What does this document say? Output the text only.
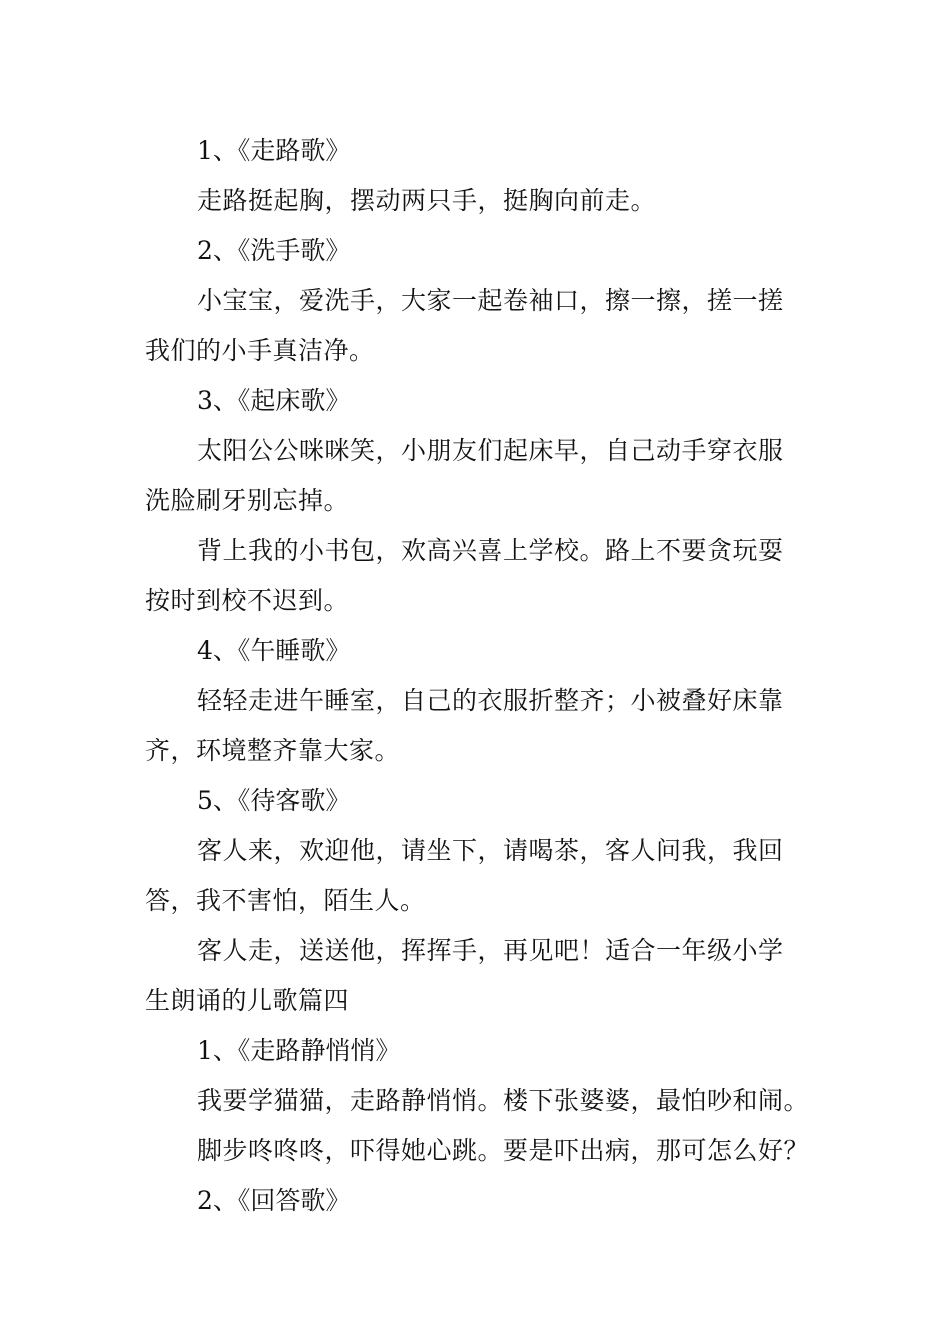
1、《走路歌》
走路挺起胸，摆动两只手，挺胸向前走。
2、《洗手歌》
小宝宝，爱洗手，大家一起卷袖口，擦一擦，搓一搓
我们的小手真洁净。
3、《起床歌》
太阳公公咪咪笑，小朋友们起床早，自己动手穿衣服
洗脸刷牙别忘掉。
背上我的小书包，欢高兴喜上学校。路上不要贪玩耍
按时到校不迟到。
4、《午睡歌》
轻轻走进午睡室，自己的衣服折整齐；小被叠好床靠
齐，环境整齐靠大家。
5、《待客歌》
客人来，欢迎他，请坐下，请喝茶，客人问我，我回
答，我不害怕，陌生人。
客人走，送送他，挥挥手，再见吧！适合一年级小学
生朗诵的儿歌篇四
1、《走路静悄悄》
我要学猫猫，走路静悄悄。楼下张婆婆，最怕吵和闹。
脚步咚咚咚，吓得她心跳。要是吓出病，那可怎么好？
2、《回答歌》
